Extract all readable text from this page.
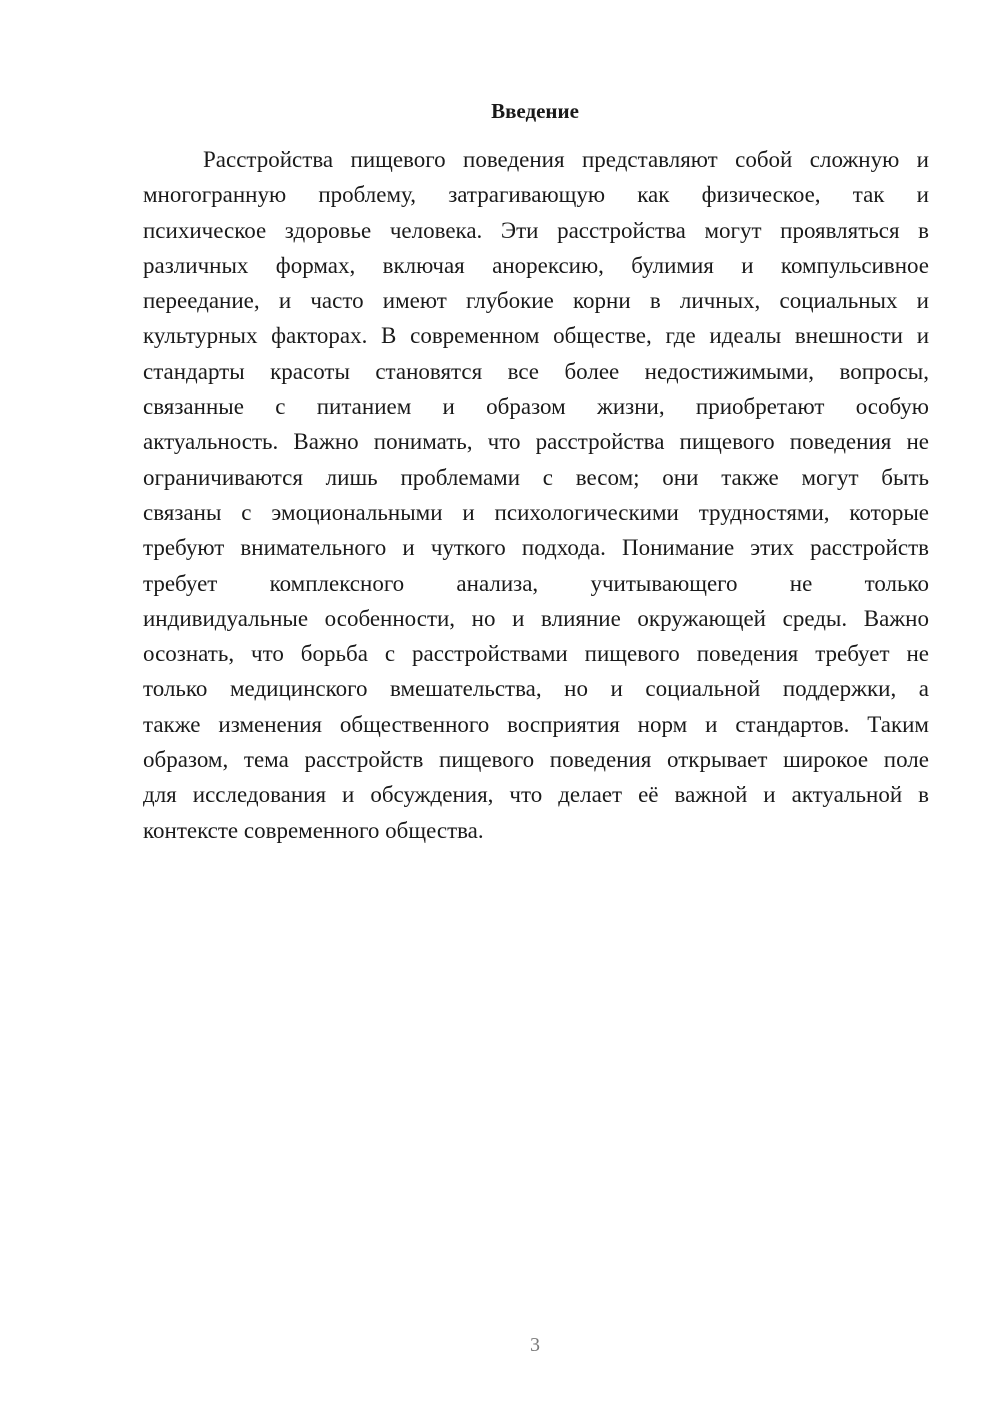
Введение
Расстройства пищевого поведения представляют собой сложную и
многогранную проблему, затрагивающую как физическое, так и
психическое здоровье человека. Эти расстройства могут проявляться в
различных формах, включая анорексию, булимия и компульсивное
переедание, и часто имеют глубокие корни в личных, социальных и
культурных факторах. В современном обществе, где идеалы внешности и
стандарты красоты становятся все более недостижимыми, вопросы,
связанные с питанием и образом жизни, приобретают особую
актуальность. Важно понимать, что расстройства пищевого поведения не
ограничиваются лишь проблемами с весом; они также могут быть
связаны с эмоциональными и психологическими трудностями, которые
требуют внимательного и чуткого подхода. Понимание этих расстройств
требует комплексного анализа, учитывающего не только
индивидуальные особенности, но и влияние окружающей среды. Важно
осознать, что борьба с расстройствами пищевого поведения требует не
только медицинского вмешательства, но и социальной поддержки, а
также изменения общественного восприятия норм и стандартов. Таким
образом, тема расстройств пищевого поведения открывает широкое поле
для исследования и обсуждения, что делает её важной и актуальной в
контексте современного общества.
3
